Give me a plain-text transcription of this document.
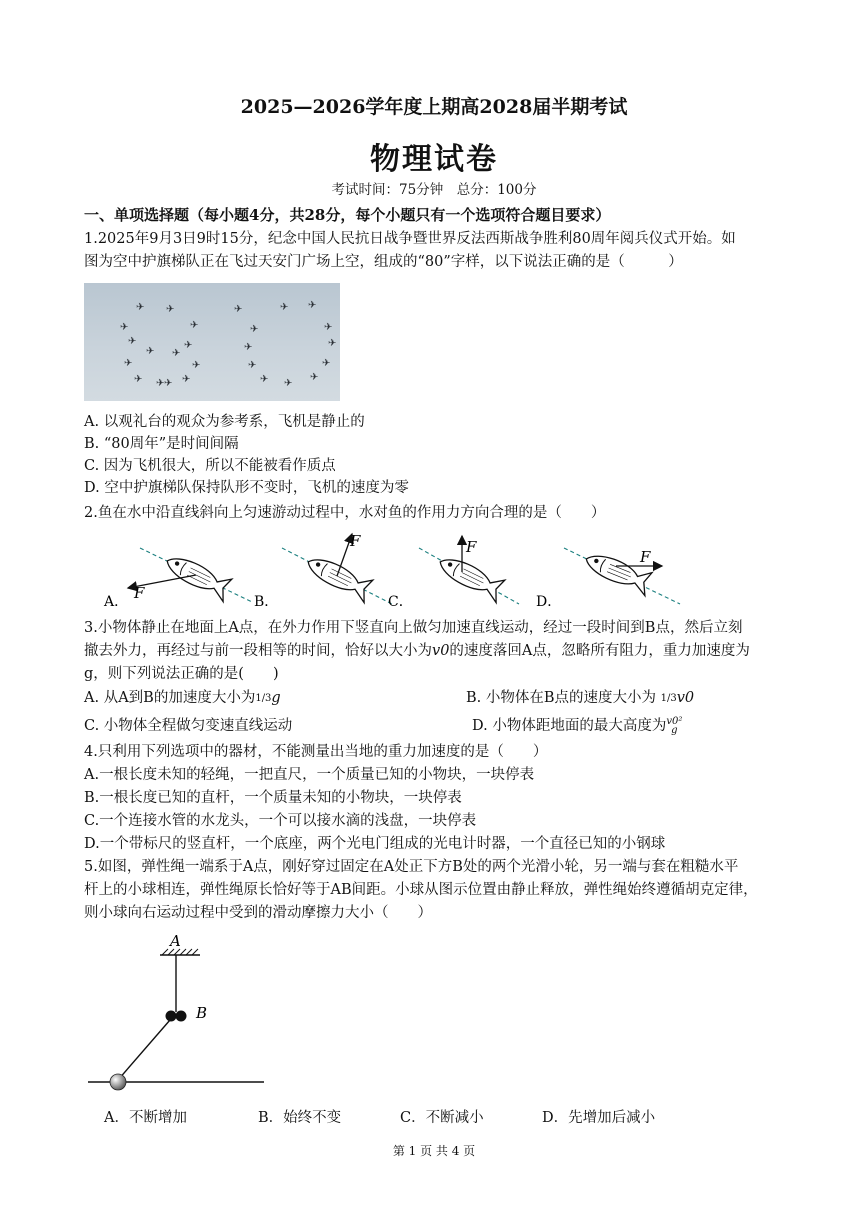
2025—2026学年度上期高2028届半期考试
物理试卷
考试时间：75分钟　总分：100分
一、单项选择题（每小题4分，共28分，每个小题只有一个选项符合题目要求）
1.2025年9月3日9时15分，纪念中国人民抗日战争暨世界反法西斯战争胜利80周年阅兵仪式开始。如
图为空中护旗梯队正在飞过天安门广场上空，组成的“80”字样，以下说法正确的是（　　　）
✈ ✈
✈	✈
✈	✈
✈ ✈
✈	✈
✈	✈
✈ ✈
✈	✈ ✈
✈	✈
✈	✈
✈	✈
✈ ✈
✈
A. 以观礼台的观众为参考系，飞机是静止的
B. “80周年”是时间间隔
C. 因为飞机很大，所以不能被看作质点
D. 空中护旗梯队保持队形不变时，飞机的速度为零
2.鱼在水中沿直线斜向上匀速游动过程中，水对鱼的作用力方向合理的是（　　）
F
A．
F
B．
F
C．
F
D．
3.小物体静止在地面上A点，在外力作用下竖直向上做匀加速直线运动，经过一段时间到B点，然后立刻
撤去外力，再经过与前一段相等的时间，恰好以大小为v0的速度落回A点，忽略所有阻力，重力加速度为
g，则下列说法正确的是(　　)
A. 从A到B的加速度大小为1/3g	B. 小物体在B点的速度大小为 1/3v0
C. 小物体全程做匀变速直线运动	D. 小物体距地面的最大高度为v0²
g
4.只利用下列选项中的器材，不能测量出当地的重力加速度的是（　　）
A.一根长度未知的轻绳，一把直尺，一个质量已知的小物块，一块停表
B.一根长度已知的直杆，一个质量未知的小物块，一块停表
C.一个连接水管的水龙头，一个可以接水滴的浅盘，一块停表
D.一个带标尺的竖直杆，一个底座，两个光电门组成的光电计时器，一个直径已知的小钢球
5.如图，弹性绳一端系于A点，刚好穿过固定在A处正下方B处的两个光滑小轮，另一端与套在粗糙水平
杆上的小球相连，弹性绳原长恰好等于AB间距。小球从图示位置由静止释放，弹性绳始终遵循胡克定律，
则小球向右运动过程中受到的滑动摩擦力大小（　　）
A
B
A．不断增加	B．始终不变	C．不断减小	D．先增加后减小
第 1 页 共 4 页
